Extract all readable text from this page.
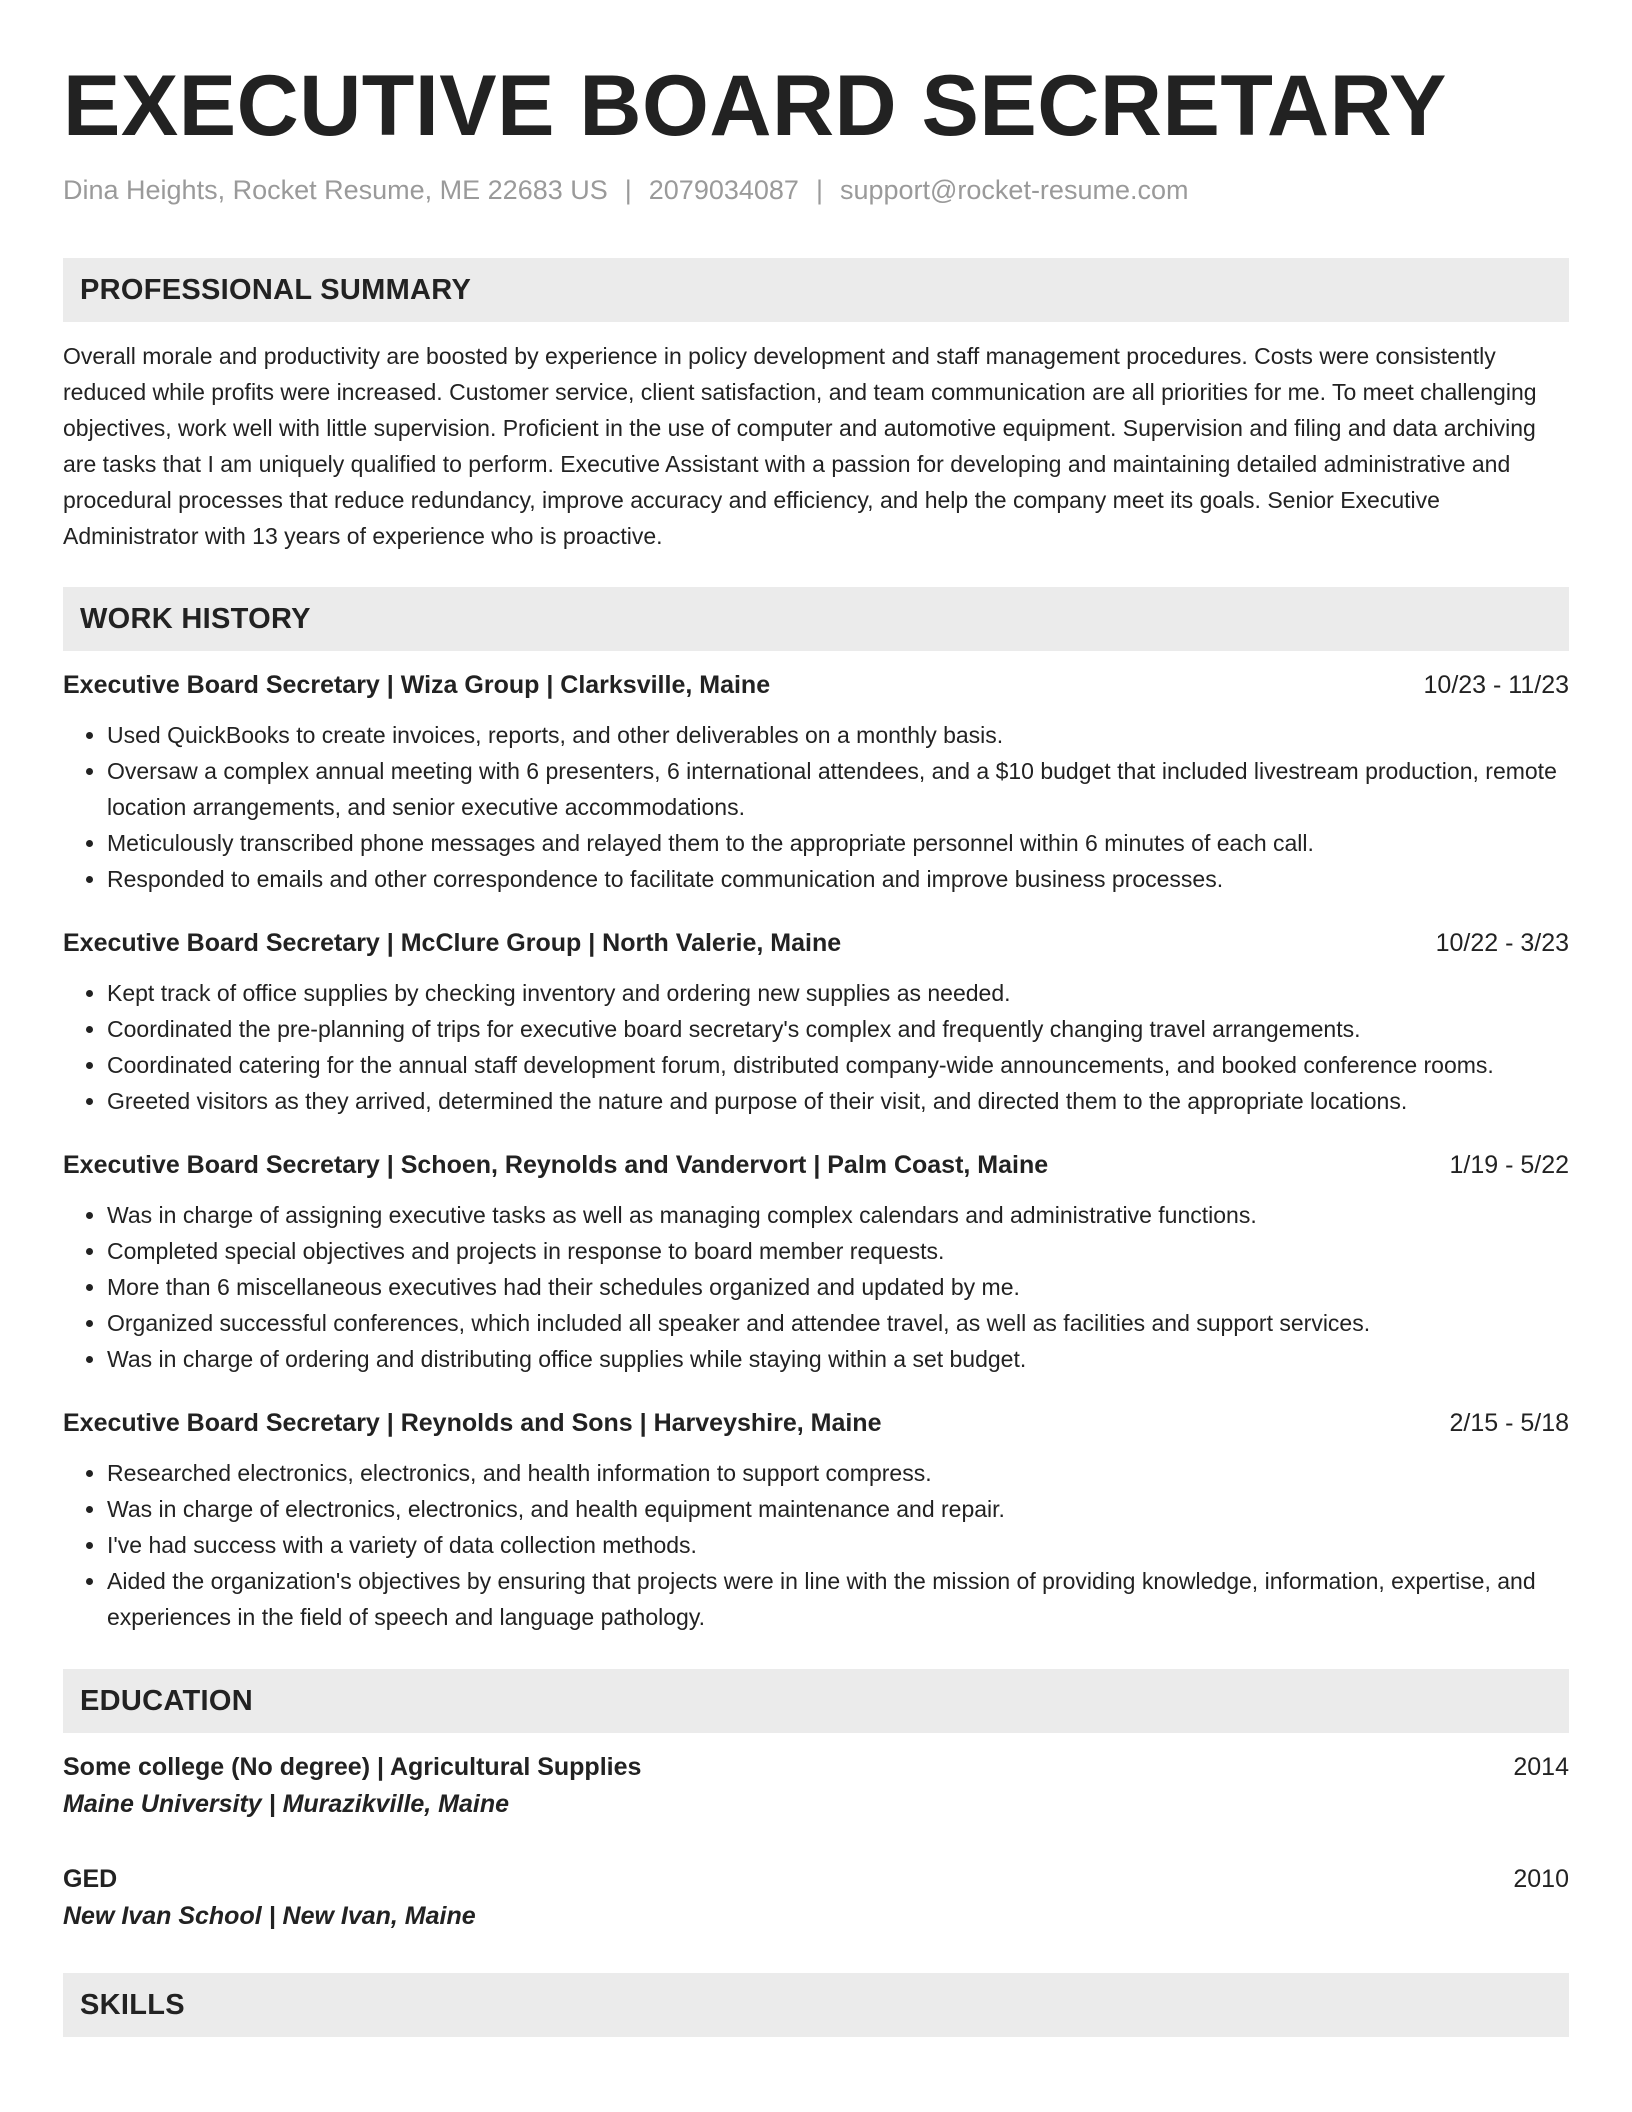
EXECUTIVE BOARD SECRETARY
Dina Heights, Rocket Resume, ME 22683 US | 2079034087 | support@rocket-resume.com
PROFESSIONAL SUMMARY
Overall morale and productivity are boosted by experience in policy development and staff management procedures. Costs were consistently reduced while profits were increased. Customer service, client satisfaction, and team communication are all priorities for me. To meet challenging objectives, work well with little supervision. Proficient in the use of computer and automotive equipment. Supervision and filing and data archiving are tasks that I am uniquely qualified to perform. Executive Assistant with a passion for developing and maintaining detailed administrative and procedural processes that reduce redundancy, improve accuracy and efficiency, and help the company meet its goals. Senior Executive Administrator with 13 years of experience who is proactive.
WORK HISTORY
Executive Board Secretary | Wiza Group | Clarksville, Maine	10/23 - 11/23
• Used QuickBooks to create invoices, reports, and other deliverables on a monthly basis.
• Oversaw a complex annual meeting with 6 presenters, 6 international attendees, and a $10 budget that included livestream production, remote location arrangements, and senior executive accommodations.
• Meticulously transcribed phone messages and relayed them to the appropriate personnel within 6 minutes of each call.
• Responded to emails and other correspondence to facilitate communication and improve business processes.
Executive Board Secretary | McClure Group | North Valerie, Maine	10/22 - 3/23
• Kept track of office supplies by checking inventory and ordering new supplies as needed.
• Coordinated the pre-planning of trips for executive board secretary's complex and frequently changing travel arrangements.
• Coordinated catering for the annual staff development forum, distributed company-wide announcements, and booked conference rooms.
• Greeted visitors as they arrived, determined the nature and purpose of their visit, and directed them to the appropriate locations.
Executive Board Secretary | Schoen, Reynolds and Vandervort | Palm Coast, Maine	1/19 - 5/22
• Was in charge of assigning executive tasks as well as managing complex calendars and administrative functions.
• Completed special objectives and projects in response to board member requests.
• More than 6 miscellaneous executives had their schedules organized and updated by me.
• Organized successful conferences, which included all speaker and attendee travel, as well as facilities and support services.
• Was in charge of ordering and distributing office supplies while staying within a set budget.
Executive Board Secretary | Reynolds and Sons | Harveyshire, Maine	2/15 - 5/18
• Researched electronics, electronics, and health information to support compress.
• Was in charge of electronics, electronics, and health equipment maintenance and repair.
• I've had success with a variety of data collection methods.
• Aided the organization's objectives by ensuring that projects were in line with the mission of providing knowledge, information, expertise, and experiences in the field of speech and language pathology.
EDUCATION
Some college (No degree) | Agricultural Supplies	2014
Maine University | Murazikville, Maine
GED	2010
New Ivan School | New Ivan, Maine
SKILLS
